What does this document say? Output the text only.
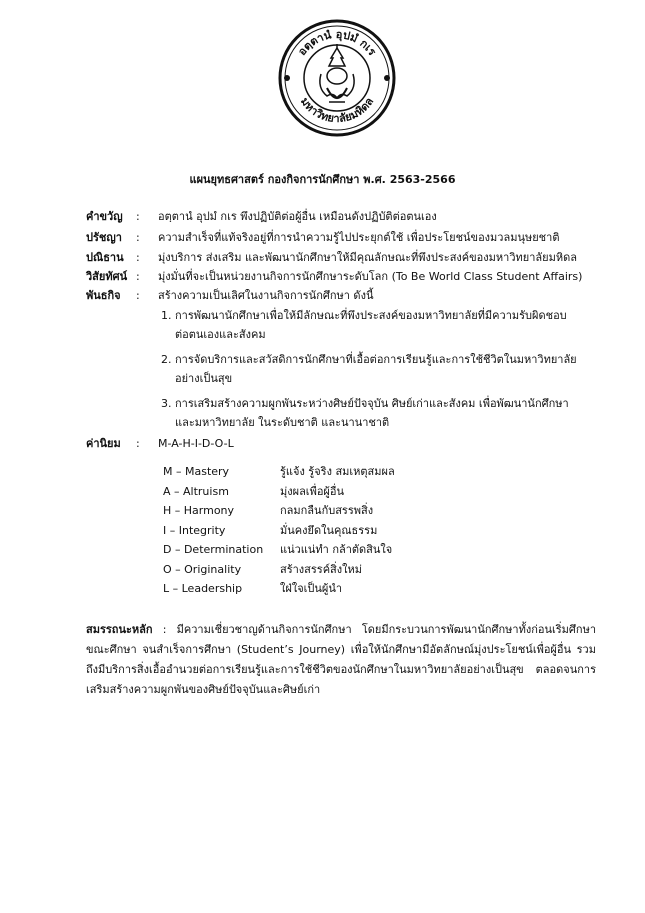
อตฺตานํ อุปมํ กเร
มหาวิทยาลัยมหิดล
แผนยุทธศาสตร์ กองกิจการนักศึกษา พ.ศ. 2563-2566
คำขวัญ : อตฺตานํ อุปมํ กเร พึงปฏิบัติต่อผู้อื่น เหมือนดังปฏิบัติต่อตนเอง
ปรัชญา : ความสำเร็จที่แท้จริงอยู่ที่การนำความรู้ไปประยุกต์ใช้ เพื่อประโยชน์ของมวลมนุษยชาติ
ปณิธาน : มุ่งบริการ ส่งเสริม และพัฒนานักศึกษาให้มีคุณลักษณะที่พึงประสงค์ของมหาวิทยาลัยมหิดล
วิสัยทัศน์ : มุ่งมั่นที่จะเป็นหน่วยงานกิจการนักศึกษาระดับโลก (To Be World Class Student Affairs)
พันธกิจ : สร้างความเป็นเลิศในงานกิจการนักศึกษา ดังนี้
1. การพัฒนานักศึกษาเพื่อให้มีลักษณะที่พึงประสงค์ของมหาวิทยาลัยที่มีความรับผิดชอบ
ต่อตนเองและสังคม
2. การจัดบริการและสวัสดิการนักศึกษาที่เอื้อต่อการเรียนรู้และการใช้ชีวิตในมหาวิทยาลัย
อย่างเป็นสุข
3. การเสริมสร้างความผูกพันระหว่างศิษย์ปัจจุบัน ศิษย์เก่าและสังคม เพื่อพัฒนานักศึกษา
และมหาวิทยาลัย ในระดับชาติ และนานาชาติ
ค่านิยม : M-A-H-I-D-O-L
M – Mastery	รู้แจ้ง รู้จริง สมเหตุสมผล
A – Altruism	มุ่งผลเพื่อผู้อื่น
H – Harmony	กลมกลืนกับสรรพสิ่ง
I – Integrity	มั่นคงยึดในคุณธรรม
D – Determination แน่วแน่ทำ กล้าตัดสินใจ
O – Originality	สร้างสรรค์สิ่งใหม่
L – Leadership	ใฝ่ใจเป็นผู้นำ
สมรรถนะหลัก : มีความเชี่ยวชาญด้านกิจการนักศึกษา โดยมีกระบวนการพัฒนานักศึกษาทั้งก่อนเริ่มศึกษา ขณะศึกษา จนสำเร็จการศึกษา (Student’s Journey) เพื่อให้นักศึกษามีอัตลักษณ์มุ่งประโยชน์เพื่อผู้อื่น รวมถึงมีบริการสิ่งเอื้ออำนวยต่อการเรียนรู้และการใช้ชีวิตของนักศึกษาในมหาวิทยาลัยอย่างเป็นสุข ตลอดจนการเสริมสร้างความผูกพันของศิษย์ปัจจุบันและศิษย์เก่า
